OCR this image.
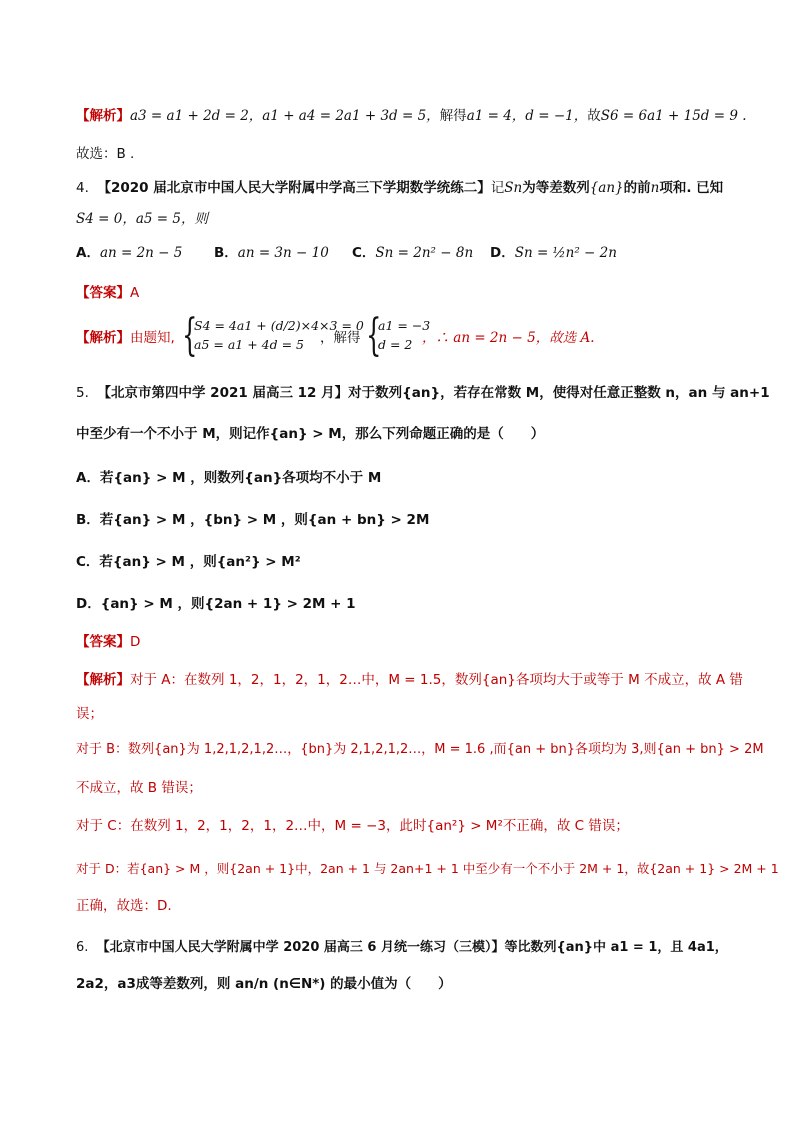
【解析】a3 = a1 + 2d = 2，a1 + a4 = 2a1 + 3d = 5，解得a1 = 4，d = −1，故S6 = 6a1 + 15d = 9 .
故选：B .
4. 【2020 届北京市中国人民大学附属中学高三下学期数学统练二】记Sn为等差数列{an}的前n项和. 已知
S4 = 0，a5 = 5，则
A．an = 2n − 5 B．an = 3n − 10 C．Sn = 2n² − 8n D．Sn = ½n² − 2n
【答案】A
【解析】由题知, {
S4 = 4a1 + (d/2)×4×3 = 0
a5 = a1 + 4d = 5	，解得 {
a1 = −3
d = 2 ，∴ an = 2n − 5，故选 A.
5. 【北京市第四中学 2021 届高三 12 月】对于数列{an}，若存在常数 M，使得对任意正整数 n，an 与 an+1
中至少有一个不小于 M，则记作{an} > M，那么下列命题正确的是（　　）
A．若{an} > M ，则数列{an}各项均不小于 M
B．若{an} > M ，{bn} > M ，则{an + bn} > 2M
C．若{an} > M ，则{an²} > M²
D．{an} > M ，则{2an + 1} > 2M + 1
【答案】D
【解析】对于 A：在数列 1，2，1，2，1，2…中，M = 1.5，数列{an}各项均大于或等于 M 不成立，故 A 错
误；
对于 B：数列{an}为 1,2,1,2,1,2…，{bn}为 2,1,2,1,2…，M = 1.6 ,而{an + bn}各项均为 3,则{an + bn} > 2M
不成立，故 B 错误；
对于 C：在数列 1，2，1，2，1，2…中，M = −3，此时{an²} > M²不正确，故 C 错误；
对于 D：若{an} > M ，则{2an + 1}中，2an + 1 与 2an+1 + 1 中至少有一个不小于 2M + 1，故{2an + 1} > 2M + 1
正确，故选：D.
6. 【北京市中国人民大学附属中学 2020 届高三 6 月统一练习（三模）】等比数列{an}中 a1 = 1，且 4a1，
2a2，a3成等差数列，则 an/n (n∈N*) 的最小值为（　　）
